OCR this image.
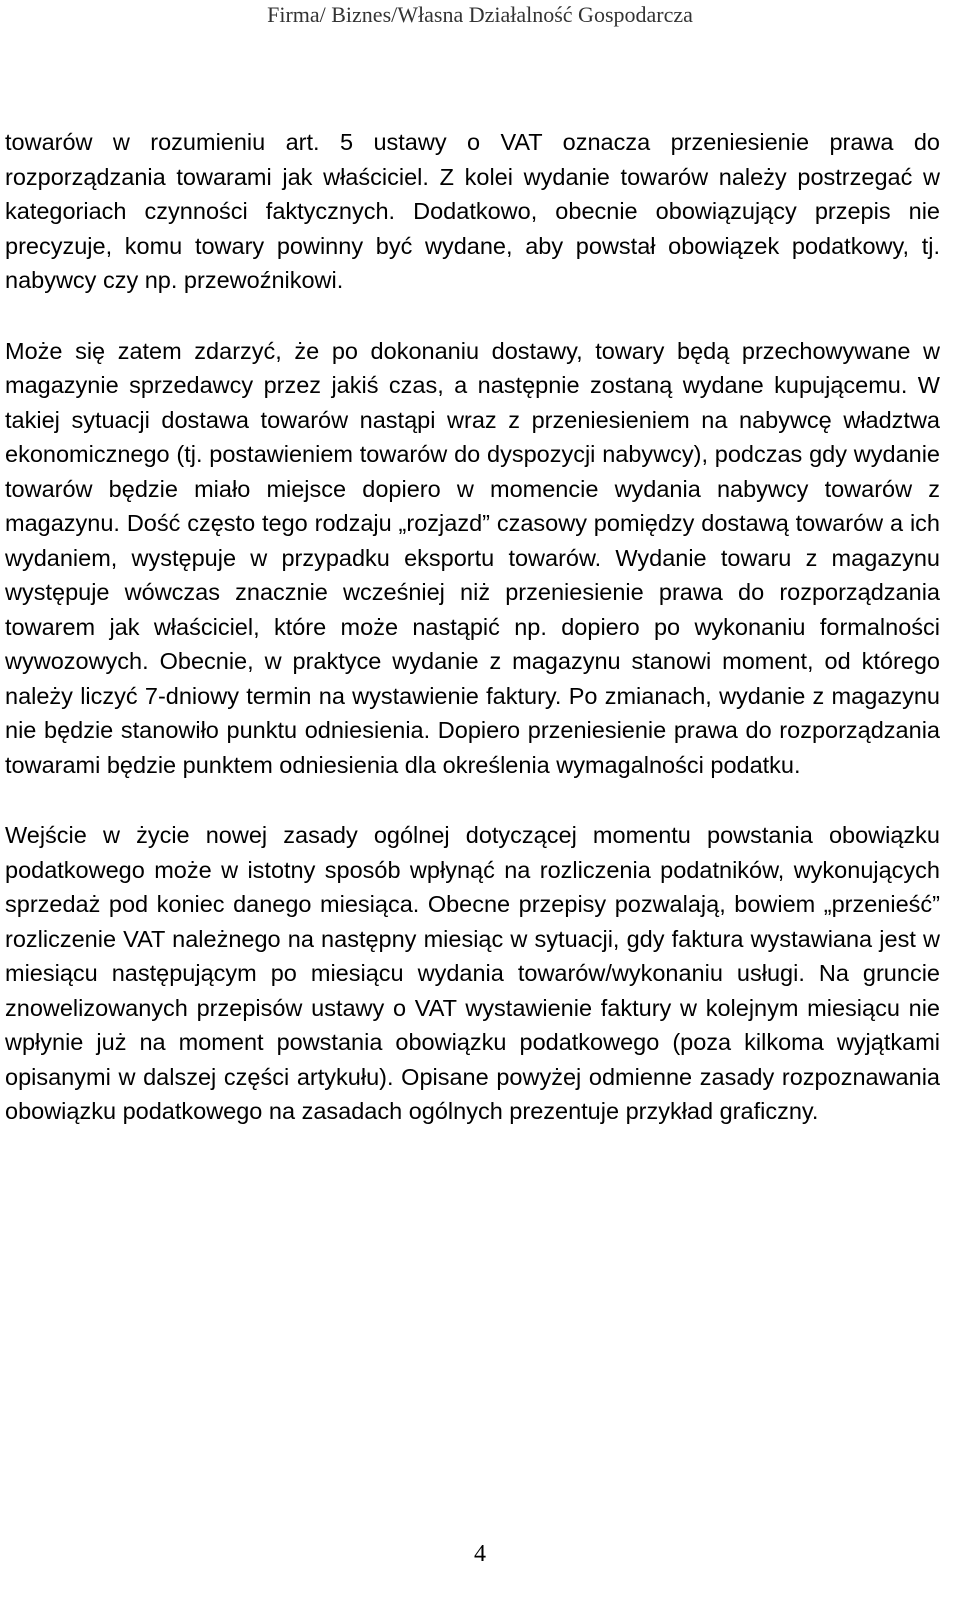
Firma/ Biznes/Własna Działalność Gospodarcza

towarów w rozumieniu art. 5 ustawy o VAT oznacza przeniesienie prawa do rozporządzania towarami jak właściciel. Z kolei wydanie towarów należy postrzegać w kategoriach czynności faktycznych. Dodatkowo, obecnie obowiązujący przepis nie precyzuje, komu towary powinny być wydane, aby powstał obowiązek podatkowy, tj. nabywcy czy np. przewoźnikowi.

Może się zatem zdarzyć, że po dokonaniu dostawy, towary będą przechowywane w magazynie sprzedawcy przez jakiś czas, a następnie zostaną wydane kupującemu. W takiej sytuacji dostawa towarów nastąpi wraz z przeniesieniem na nabywcę władztwa ekonomicznego (tj. postawieniem towarów do dyspozycji nabywcy), podczas gdy wydanie towarów będzie miało miejsce dopiero w momencie wydania nabywcy towarów z magazynu. Dość często tego rodzaju „rozjazd” czasowy pomiędzy dostawą towarów a ich wydaniem, występuje w przypadku eksportu towarów. Wydanie towaru z magazynu występuje wówczas znacznie wcześniej niż przeniesienie prawa do rozporządzania towarem jak właściciel, które może nastąpić np. dopiero po wykonaniu formalności wywozowych. Obecnie, w praktyce wydanie z magazynu stanowi moment, od którego należy liczyć 7-dniowy termin na wystawienie faktury. Po zmianach, wydanie z magazynu nie będzie stanowiło punktu odniesienia. Dopiero przeniesienie prawa do rozporządzania towarami będzie punktem odniesienia dla określenia wymagalności podatku.

Wejście w życie nowej zasady ogólnej dotyczącej momentu powstania obowiązku podatkowego może w istotny sposób wpłynąć na rozliczenia podatników, wykonujących sprzedaż pod koniec danego miesiąca. Obecne przepisy pozwalają, bowiem „przenieść” rozliczenie VAT należnego na następny miesiąc w sytuacji, gdy faktura wystawiana jest w miesiącu następującym po miesiącu wydania towarów/wykonaniu usługi. Na gruncie znowelizowanych przepisów ustawy o VAT wystawienie faktury w kolejnym miesiącu nie wpłynie już na moment powstania obowiązku podatkowego (poza kilkoma wyjątkami opisanymi w dalszej części artykułu). Opisane powyżej odmienne zasady rozpoznawania obowiązku podatkowego na zasadach ogólnych prezentuje przykład graficzny.

4
